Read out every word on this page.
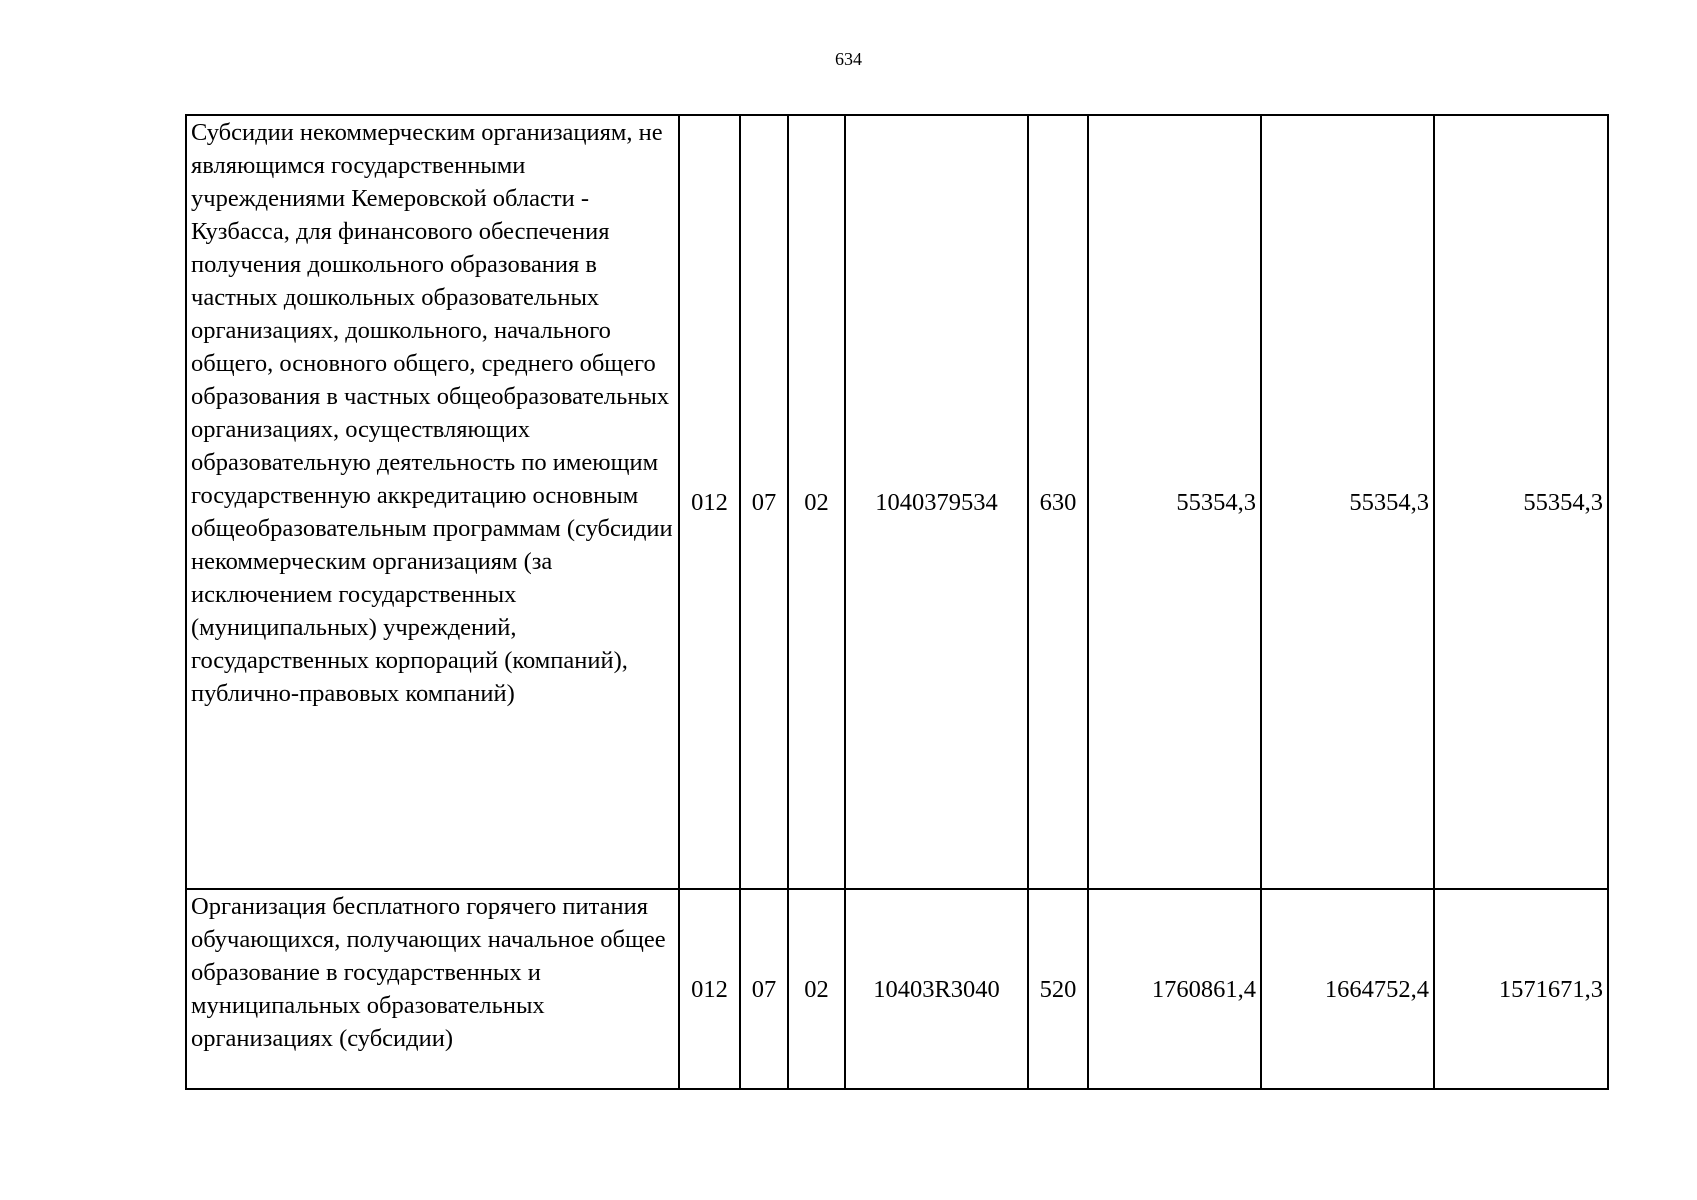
634
Субсидии некоммерческим организациям, не являющимся государственными учреждениями Кемеровской области - Кузбасса, для финансового обеспечения получения дошкольного образования в частных дошкольных образовательных организациях, дошкольного, начального общего, основного общего, среднего общего образования в частных общеобразовательных организациях, осуществляющих образовательную деятельность по имеющим государственную аккредитацию основным общеобразовательным программам (субсидии некоммерческим организациям (за исключением государственных (муниципальных) учреждений, государственных корпораций (компаний), публично-правовых компаний)	012	07	02	1040379534	630	55354,3	55354,3	55354,3
Организация бесплатного горячего питания обучающихся, получающих начальное общее образование в государственных и муниципальных образовательных организациях (субсидии)	012	07	02	10403R3040	520	1760861,4	1664752,4	1571671,3
